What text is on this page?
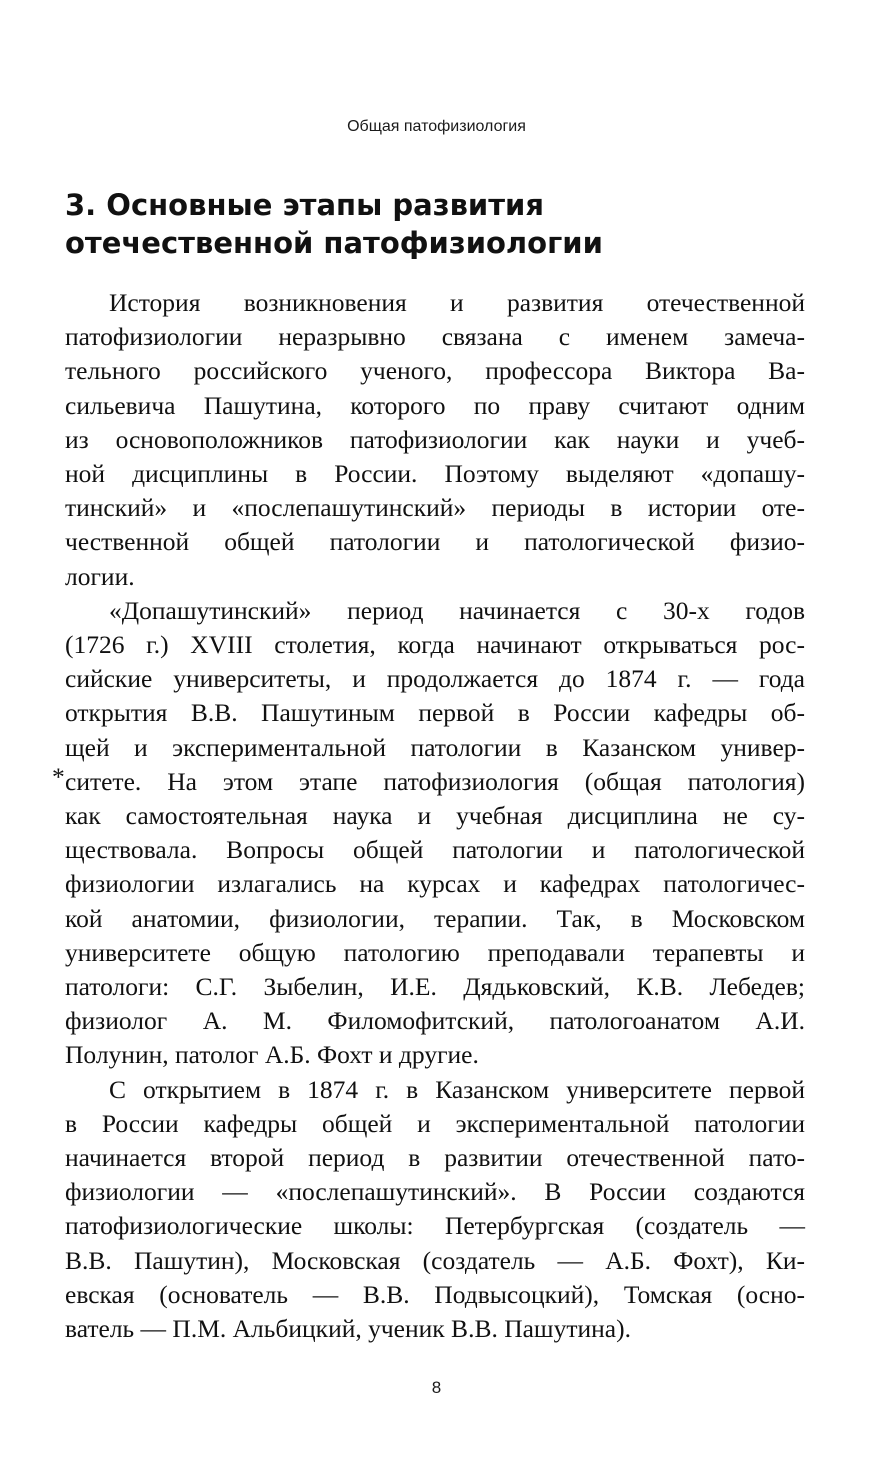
Общая патофизиология
3. Основные этапы развития
отечественной патофизиологии

История возникновения и развития отечественной
патофизиологии неразрывно связана с именем замеча-
тельного российского ученого, профессора Виктора Ва-
сильевича Пашутина, которого по праву считают одним
из основоположников патофизиологии как науки и учеб-
ной дисциплины в России. Поэтому выделяют «допашу-
тинский» и «послепашутинский» периоды в истории оте-
чественной общей патологии и патологической физио-
логии.

«Допашутинский» период начинается с 30-х годов
(1726 г.) XVIII столетия, когда начинают открываться рос-
сийские университеты, и продолжается до 1874 г. — года
открытия В.В. Пашутиным первой в России кафедры об-
щей и экспериментальной патологии в Казанском универ-
ситете. На этом этапе патофизиология (общая патология)
как самостоятельная наука и учебная дисциплина не су-
ществовала. Вопросы общей патологии и патологической
физиологии излагались на курсах и кафедрах патологичес-
кой анатомии, физиологии, терапии. Так, в Московском
университете общую патологию преподавали терапевты и
патологи: С.Г. Зыбелин, И.Е. Дядьковский, К.В. Лебедев;
физиолог А. М. Филомофитский, патологоанатом А.И.
Полунин, патолог А.Б. Фохт и другие.

С открытием в 1874 г. в Казанском университете первой
в России кафедры общей и экспериментальной патологии
начинается второй период в развитии отечественной пато-
физиологии — «послепашутинский». В России создаются
патофизиологические школы: Петербургская (создатель —
В.В. Пашутин), Московская (создатель — А.Б. Фохт), Ки-
евская (основатель — В.В. Подвысоцкий), Томская (осно-
ватель — П.М. Альбицкий, ученик В.В. Пашутина).

*
8
